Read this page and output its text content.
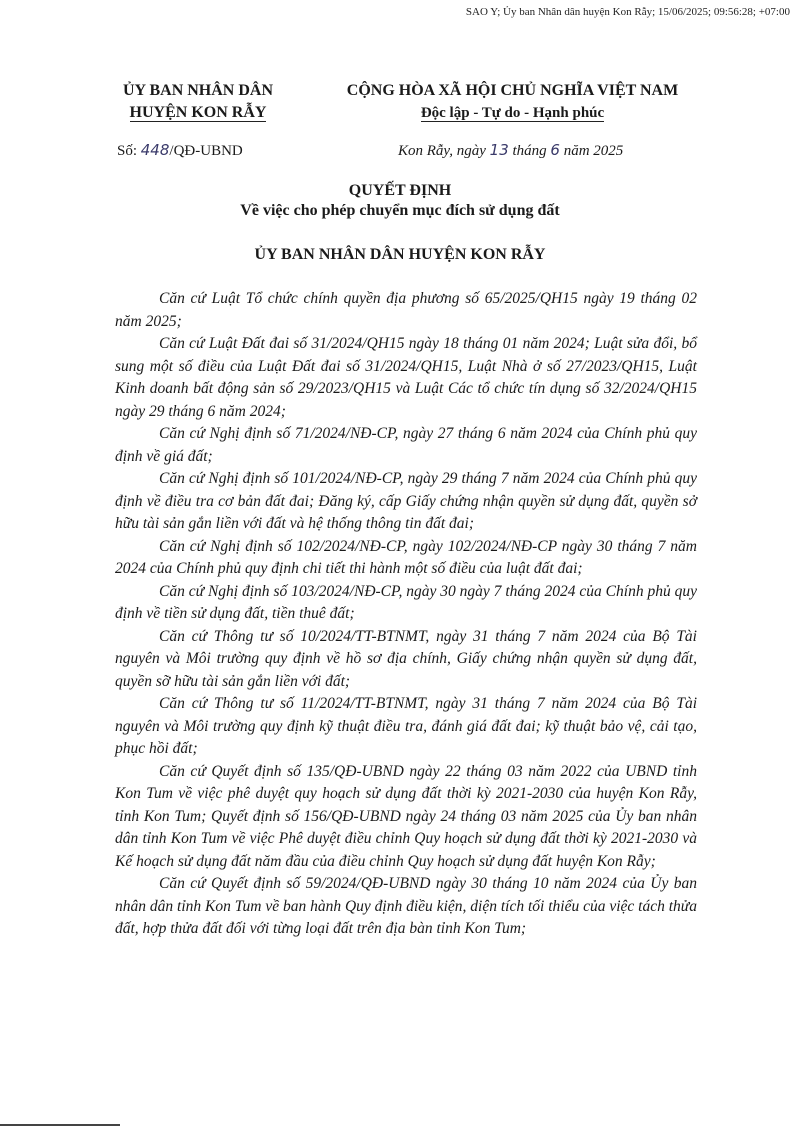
SAO Y; Ủy ban Nhân dân huyện Kon Rẫy; 15/06/2025; 09:56:28; +07:00
ỦY BAN NHÂN DÂN
HUYỆN KON RẪY
CỘNG HÒA XÃ HỘI CHỦ NGHĨA VIỆT NAM
Độc lập - Tự do - Hạnh phúc
Số: 448/QĐ-UBND	Kon Rẫy, ngày 13 tháng 6 năm 2025
QUYẾT ĐỊNH
Về việc cho phép chuyển mục đích sử dụng đất
ỦY BAN NHÂN DÂN HUYỆN KON RẪY

Căn cứ Luật Tổ chức chính quyền địa phương số 65/2025/QH15 ngày 19 tháng 02 năm 2025;

Căn cứ Luật Đất đai số 31/2024/QH15 ngày 18 tháng 01 năm 2024; Luật sửa đổi, bổ sung một số điều của Luật Đất đai số 31/2024/QH15, Luật Nhà ở số 27/2023/QH15, Luật Kinh doanh bất động sản số 29/2023/QH15 và Luật Các tổ chức tín dụng số 32/2024/QH15 ngày 29 tháng 6 năm 2024;

Căn cứ Nghị định số 71/2024/NĐ-CP, ngày 27 tháng 6 năm 2024 của Chính phủ quy định về giá đất;

Căn cứ Nghị định số 101/2024/NĐ-CP, ngày 29 tháng 7 năm 2024 của Chính phủ quy định về điều tra cơ bản đất đai; Đăng ký, cấp Giấy chứng nhận quyền sử dụng đất, quyền sở hữu tài sản gắn liền với đất và hệ thống thông tin đất đai;

Căn cứ Nghị định số 102/2024/NĐ-CP, ngày 102/2024/NĐ-CP ngày 30 tháng 7 năm 2024 của Chính phủ quy định chi tiết thi hành một số điều của luật đất đai;

Căn cứ Nghị định số 103/2024/NĐ-CP, ngày 30 ngày 7 tháng 2024 của Chính phủ quy định về tiền sử dụng đất, tiền thuê đất;

Căn cứ Thông tư số 10/2024/TT-BTNMT, ngày 31 tháng 7 năm 2024 của Bộ Tài nguyên và Môi trường quy định về hồ sơ địa chính, Giấy chứng nhận quyền sử dụng đất, quyền sỡ hữu tài sản gắn liền với đất;

Căn cứ Thông tư số 11/2024/TT-BTNMT, ngày 31 tháng 7 năm 2024 của Bộ Tài nguyên và Môi trường quy định kỹ thuật điều tra, đánh giá đất đai; kỹ thuật bảo vệ, cải tạo, phục hồi đất;

Căn cứ Quyết định số 135/QĐ-UBND ngày 22 tháng 03 năm 2022 của UBND tỉnh Kon Tum về việc phê duyệt quy hoạch sử dụng đất thời kỳ 2021-2030 của huyện Kon Rẫy, tỉnh Kon Tum; Quyết định số 156/QĐ-UBND ngày 24 tháng 03 năm 2025 của Ủy ban nhân dân tỉnh Kon Tum về việc Phê duyệt điều chỉnh Quy hoạch sử dụng đất thời kỳ 2021-2030 và Kế hoạch sử dụng đất năm đầu của điều chỉnh Quy hoạch sử dụng đất huyện Kon Rẫy;

Căn cứ Quyết định số 59/2024/QĐ-UBND ngày 30 tháng 10 năm 2024 của Ủy ban nhân dân tỉnh Kon Tum về ban hành Quy định điều kiện, diện tích tối thiểu của việc tách thửa đất, hợp thửa đất đối với từng loại đất trên địa bàn tỉnh Kon Tum;
